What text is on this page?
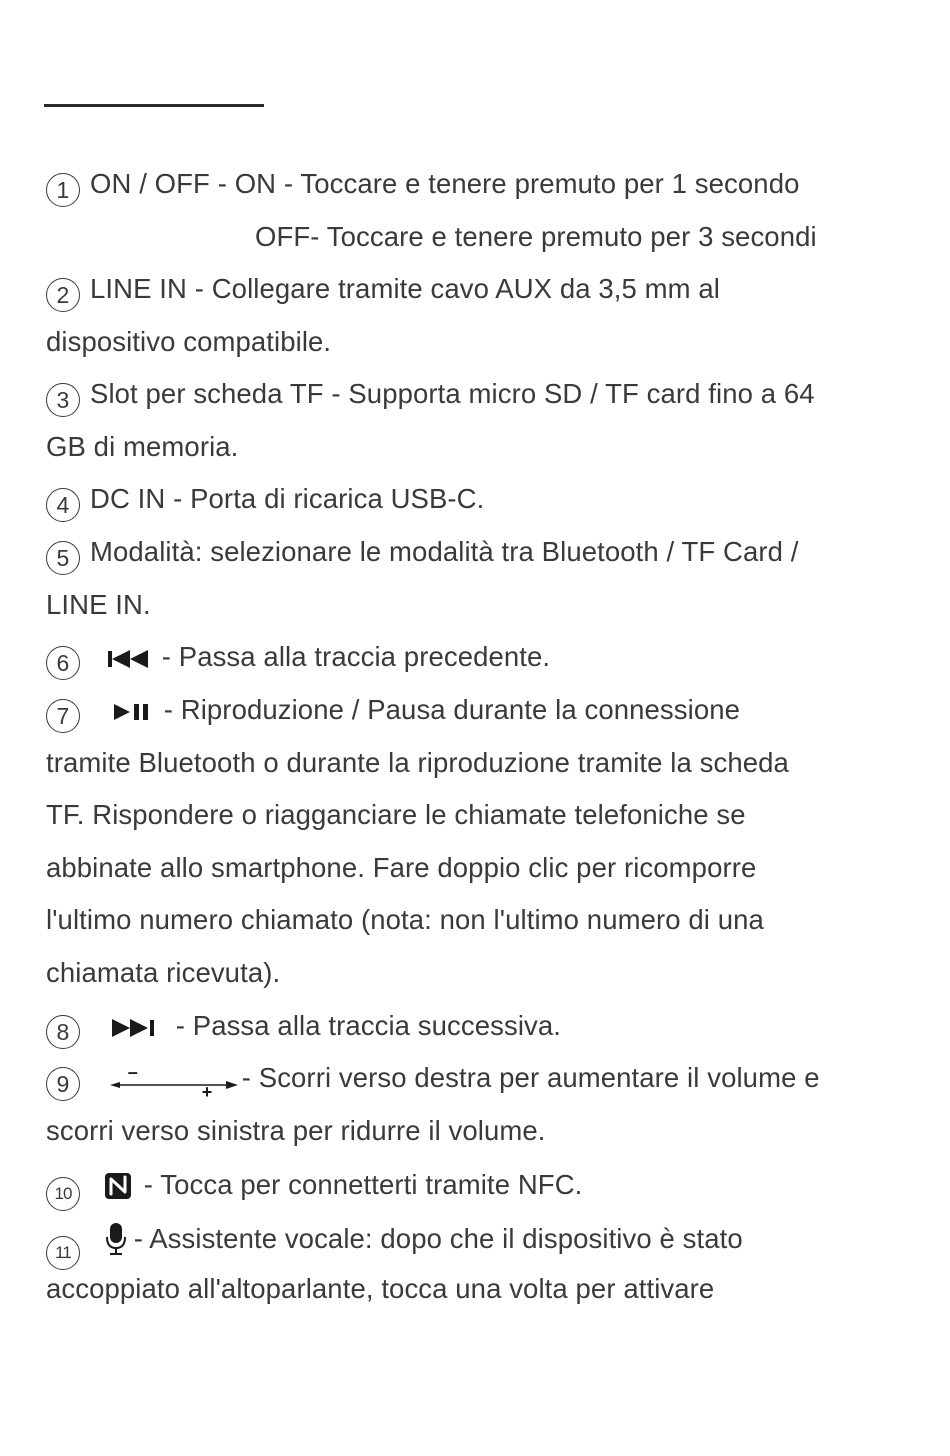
1 ON / OFF - ON - Toccare e tenere premuto per 1 secondo
OFF- Toccare e tenere premuto per 3 secondi
2 LINE IN - Collegare tramite cavo AUX da 3,5 mm al
dispositivo compatibile.
3 Slot per scheda TF - Supporta micro SD / TF card fino a 64
GB di memoria.
4 DC IN - Porta di ricarica USB-C.
5 Modalità: selezionare le modalità tra Bluetooth / TF Card /
LINE IN.
6	- Passa alla traccia precedente.
7	- Riproduzione / Pausa durante la connessione
tramite Bluetooth o durante la riproduzione tramite la scheda
TF. Rispondere o riagganciare le chiamate telefoniche se
abbinate allo smartphone. Fare doppio clic per ricomporre
l'ultimo numero chiamato (nota: non l'ultimo numero di una
chiamata ricevuta).
8	- Passa alla traccia successiva.
9	–
+ - Scorri verso destra per aumentare il volume e
scorri verso sinistra per ridurre il volume.
10	- Tocca per connetterti tramite NFC.
11 - Assistente vocale: dopo che il dispositivo è stato
accoppiato all'altoparlante, tocca una volta per attivare
